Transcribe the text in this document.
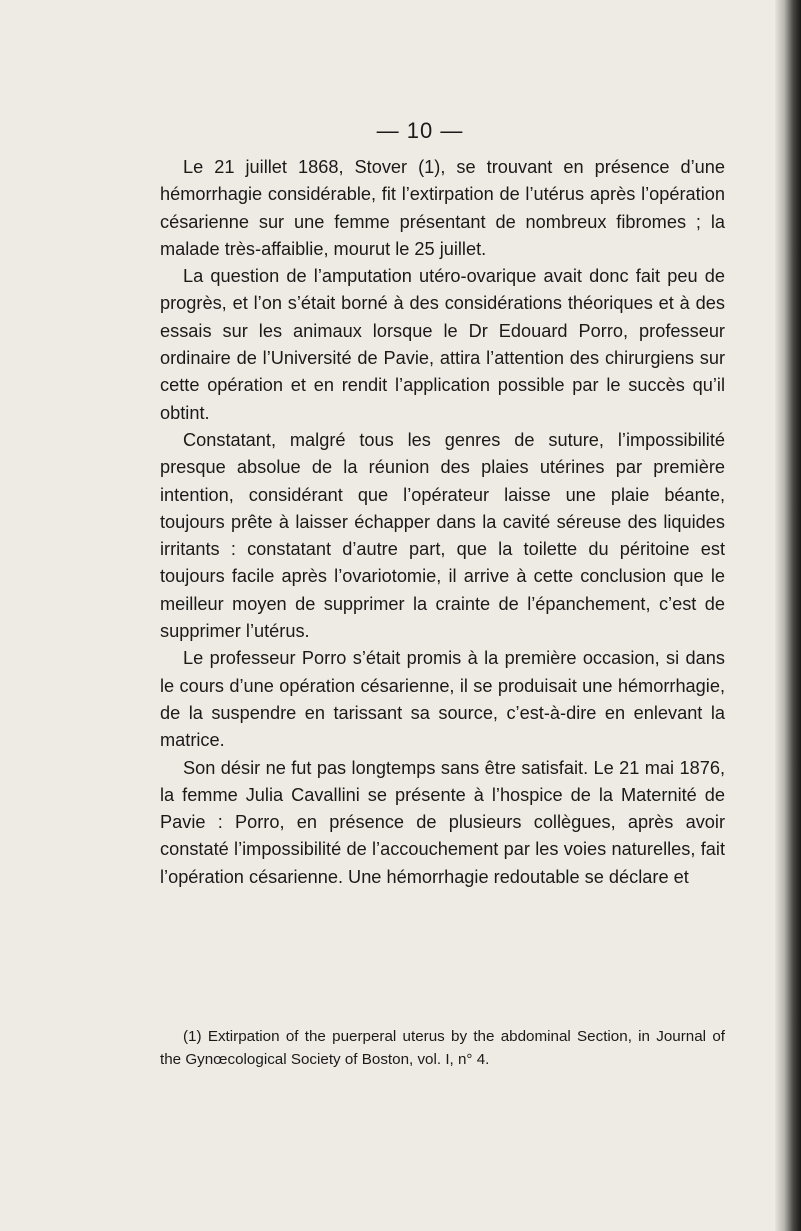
— 10 —

Le 21 juillet 1868, Stover (1), se trouvant en présence d’une hémorrhagie considérable, fit l’extirpation de l’utérus après l’opération césarienne sur une femme présentant de nombreux fibromes ; la malade très-affaiblie, mourut le 25 juillet.

La question de l’amputation utéro-ovarique avait donc fait peu de progrès, et l’on s’était borné à des considérations théoriques et à des essais sur les animaux lorsque le Dr Edouard Porro, professeur ordinaire de l’Université de Pavie, attira l’attention des chirurgiens sur cette opération et en rendit l’application possible par le succès qu’il obtint.

Constatant, malgré tous les genres de suture, l’impossibilité presque absolue de la réunion des plaies utérines par première intention, considérant que l’opérateur laisse une plaie béante, toujours prête à laisser échapper dans la cavité séreuse des liquides irritants : constatant d’autre part, que la toilette du péritoine est toujours facile après l’ovariotomie, il arrive à cette conclusion que le meilleur moyen de supprimer la crainte de l’épanchement, c’est de supprimer l’utérus.

Le professeur Porro s’était promis à la première occasion, si dans le cours d’une opération césarienne, il se produisait une hémorrhagie, de la suspendre en tarissant sa source, c’est-à-dire en enlevant la matrice.

Son désir ne fut pas longtemps sans être satisfait. Le 21 mai 1876, la femme Julia Cavallini se présente à l’hospice de la Maternité de Pavie : Porro, en présence de plusieurs collègues, après avoir constaté l’impossibilité de l’accouchement par les voies naturelles, fait l’opération césarienne. Une hémorrhagie redoutable se déclare et

(1) Extirpation of the puerperal uterus by the abdominal Section, in Journal of the Gynœcological Society of Boston, vol. I, n° 4.
